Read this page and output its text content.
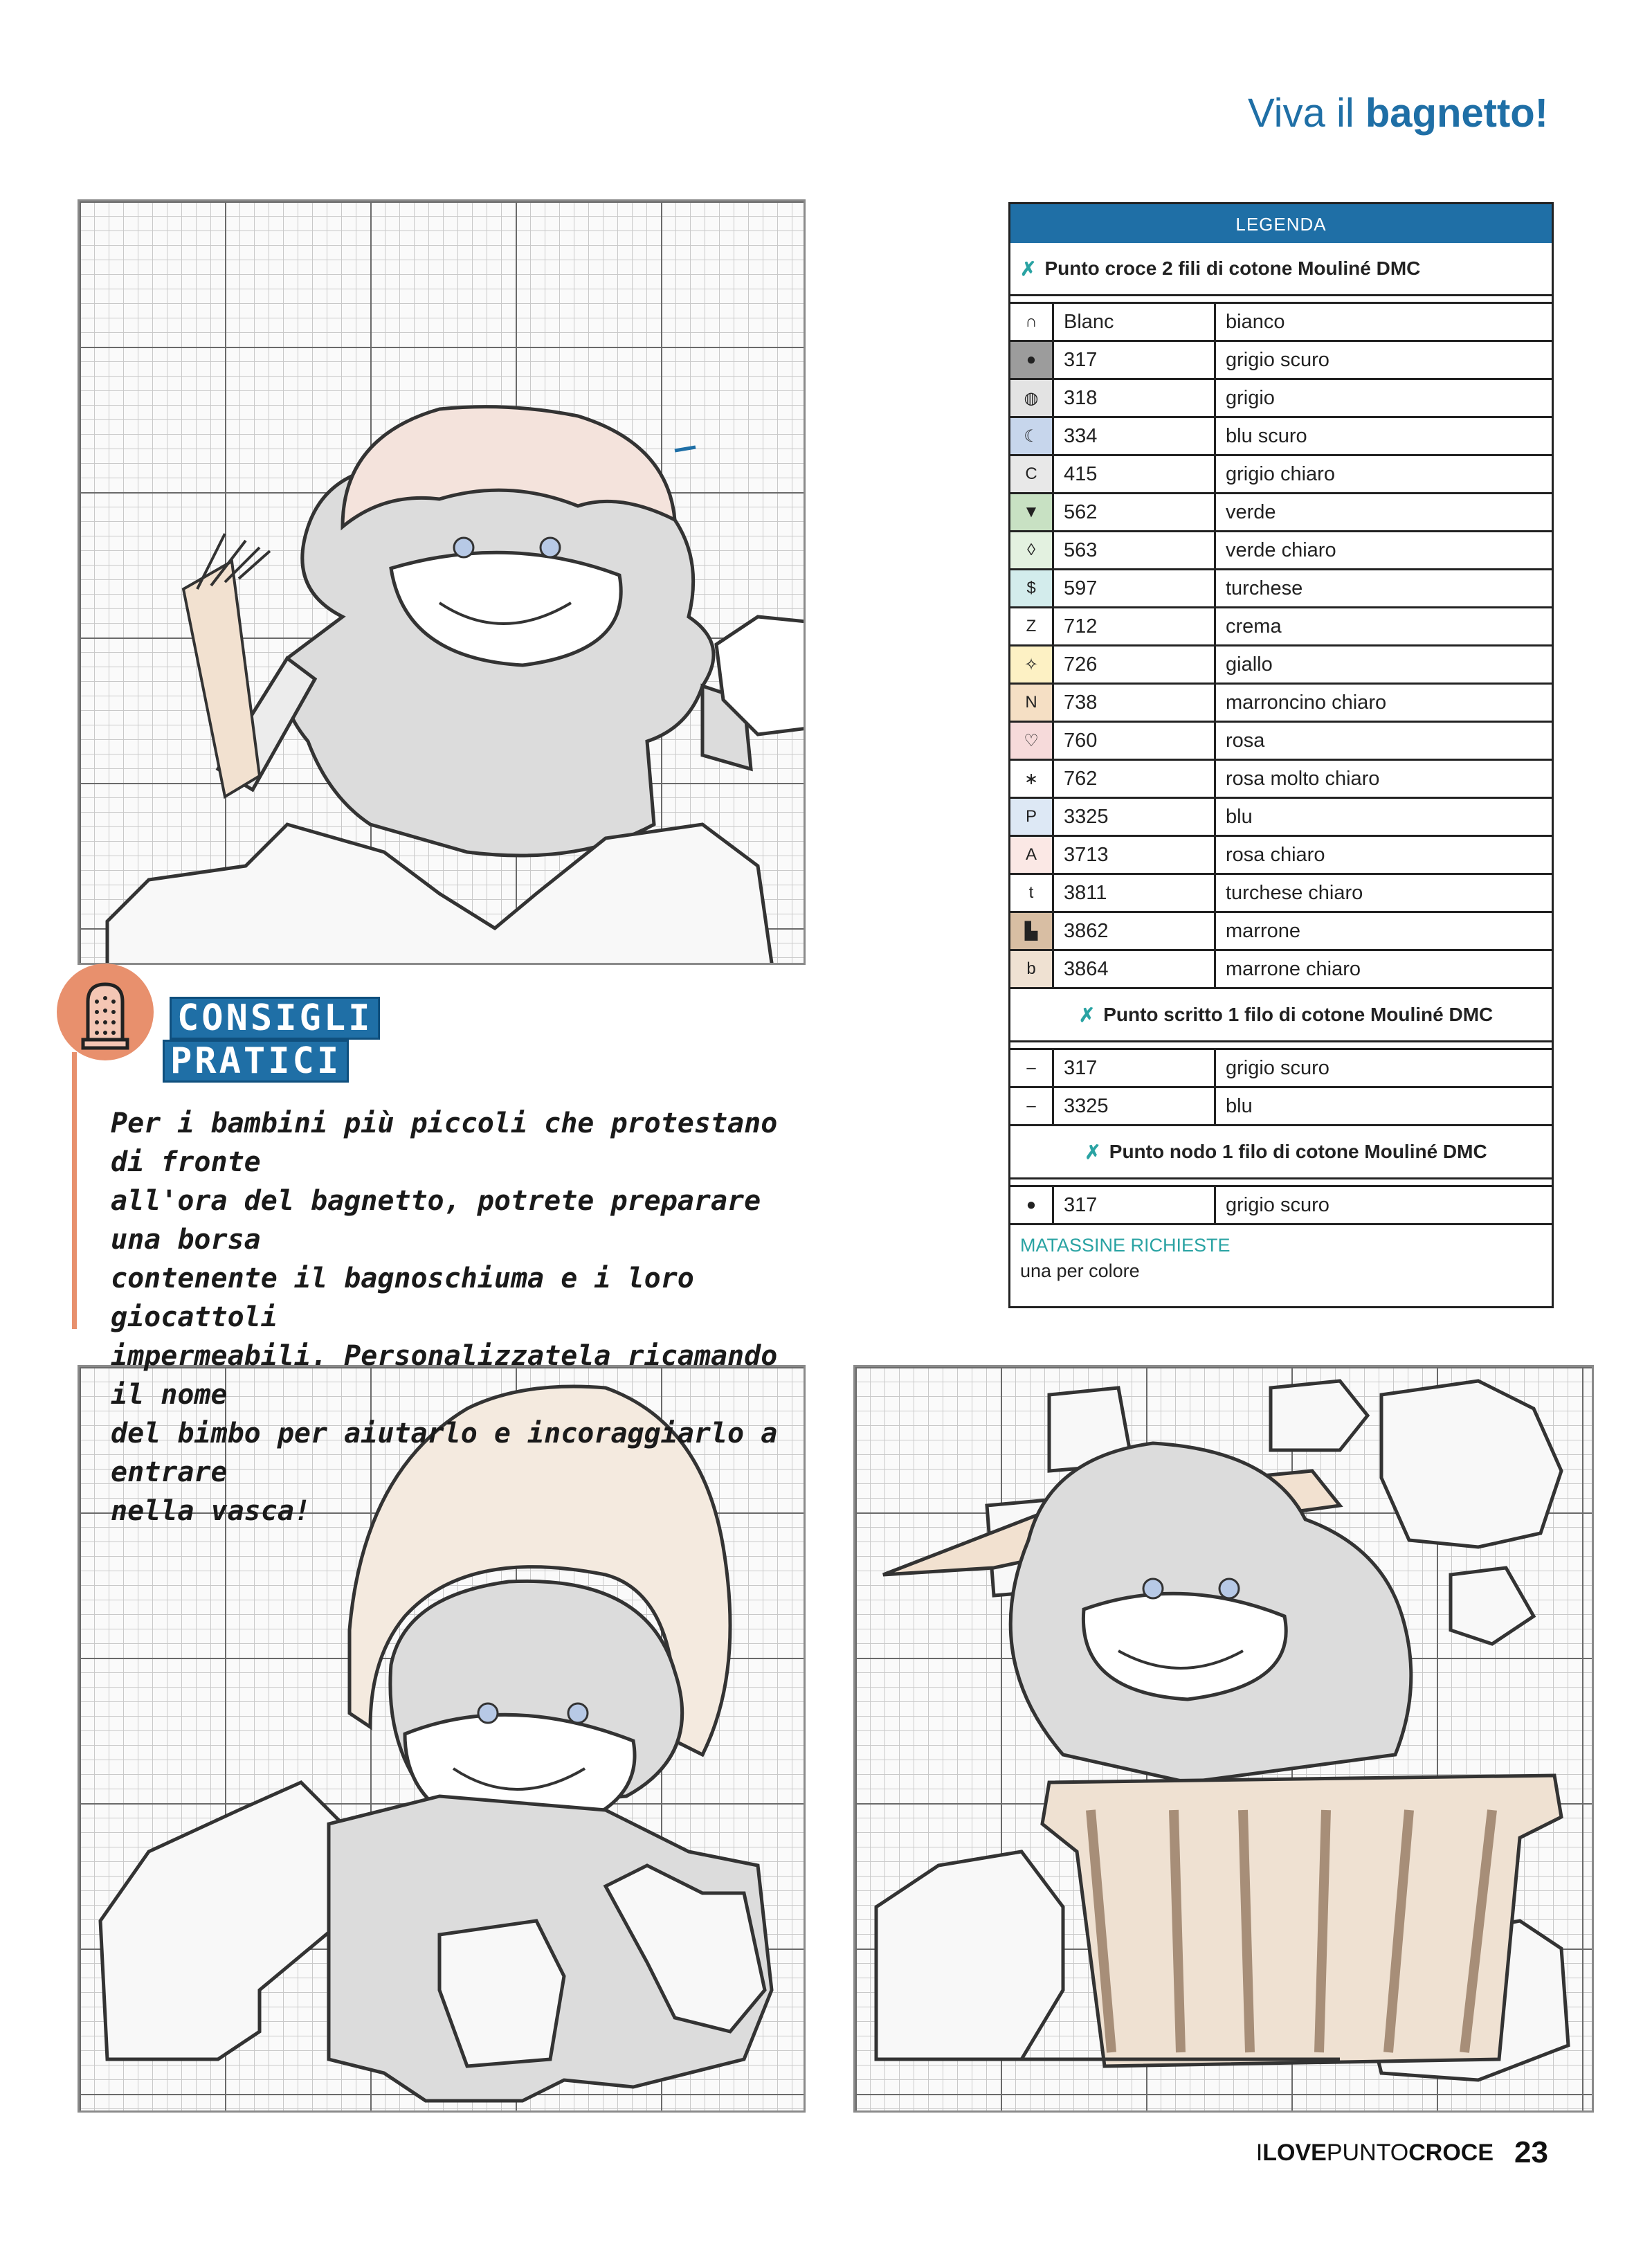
Viva il bagnetto!
LEGENDA
✗ Punto croce 2 fili di cotone Mouliné DMC
∩	Blanc	bianco
●	317	grigio scuro
◍	318	grigio
☾	334	blu scuro
C	415	grigio chiaro
▼	562	verde
◊	563	verde chiaro
$	597	turchese
Z	712	crema
✧	726	giallo
N	738	marroncino chiaro
♡	760	rosa
∗	762	rosa molto chiaro
P	3325	blu
A	3713	rosa chiaro
t	3811	turchese chiaro
▙	3862	marrone
b	3864	marrone chiaro
✗ Punto scritto 1 filo di cotone Mouliné DMC
–	317	grigio scuro
–	3325	blu
✗ Punto nodo 1 filo di cotone Mouliné DMC
●	317	grigio scuro
MATASSINE RICHIESTE
una per colore
CONSIGLI
PRATICI
Per i bambini più piccoli che protestano di fronte
all'ora del bagnetto, potrete preparare una borsa
contenente il bagnoschiuma e i loro giocattoli
impermeabili. Personalizzatela ricamando il nome
del bimbo per aiutarlo e incoraggiarlo a entrare
nella vasca!
I LOVE PUNTO CROCE 23
